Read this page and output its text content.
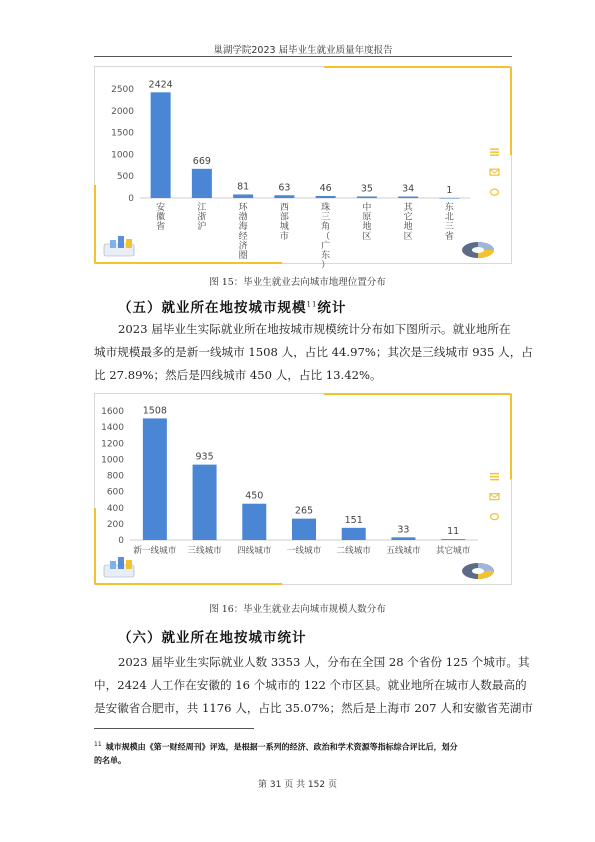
巢湖学院2023 届毕业生就业质量年度报告
0
500
1000
1500
2000
2500 2424
安
徽
省
669
江
浙
沪
81
环
渤
海
经
济
圈
63
西
部
城
市
46
珠
三
角
（
广
东
）
35
中
原
地
区
34
其
它
地
区
1
东
北
三
省
图 15：毕业生就业去向城市地理位置分布
（五）就业所在地按城市规模$^{11}$统计
2023 届毕业生实际就业所在地按城市规模统计分布如下图所示。就业地所在
城市规模最多的是新一线城市 1508 人，占比 44.97%；其次是三线城市 935 人，占
比 27.89%；然后是四线城市 450 人，占比 13.42%。
0
200
400
600
800
1000
1200
1400
1600 1508
新一线城市
935
三线城市
450
四线城市
265
一线城市
151
二线城市
33
五线城市
11
其它城市
图 16：毕业生就业去向城市规模人数分布
（六）就业所在地按城市统计
2023 届毕业生实际就业人数 3353 人，分布在全国 28 个省份 125 个城市。其
中，2424 人工作在安徽的 16 个城市的 122 个市区县。就业地所在城市人数最高的
是安徽省合肥市，共 1176 人，占比 35.07%；然后是上海市 207 人和安徽省芜湖市
$^{11}$ 城市规模由《第一财经周刊》评选，是根据一系列的经济、政治和学术资源等指标综合评比后，划分
的名单。
第 31 页 共 152 页
